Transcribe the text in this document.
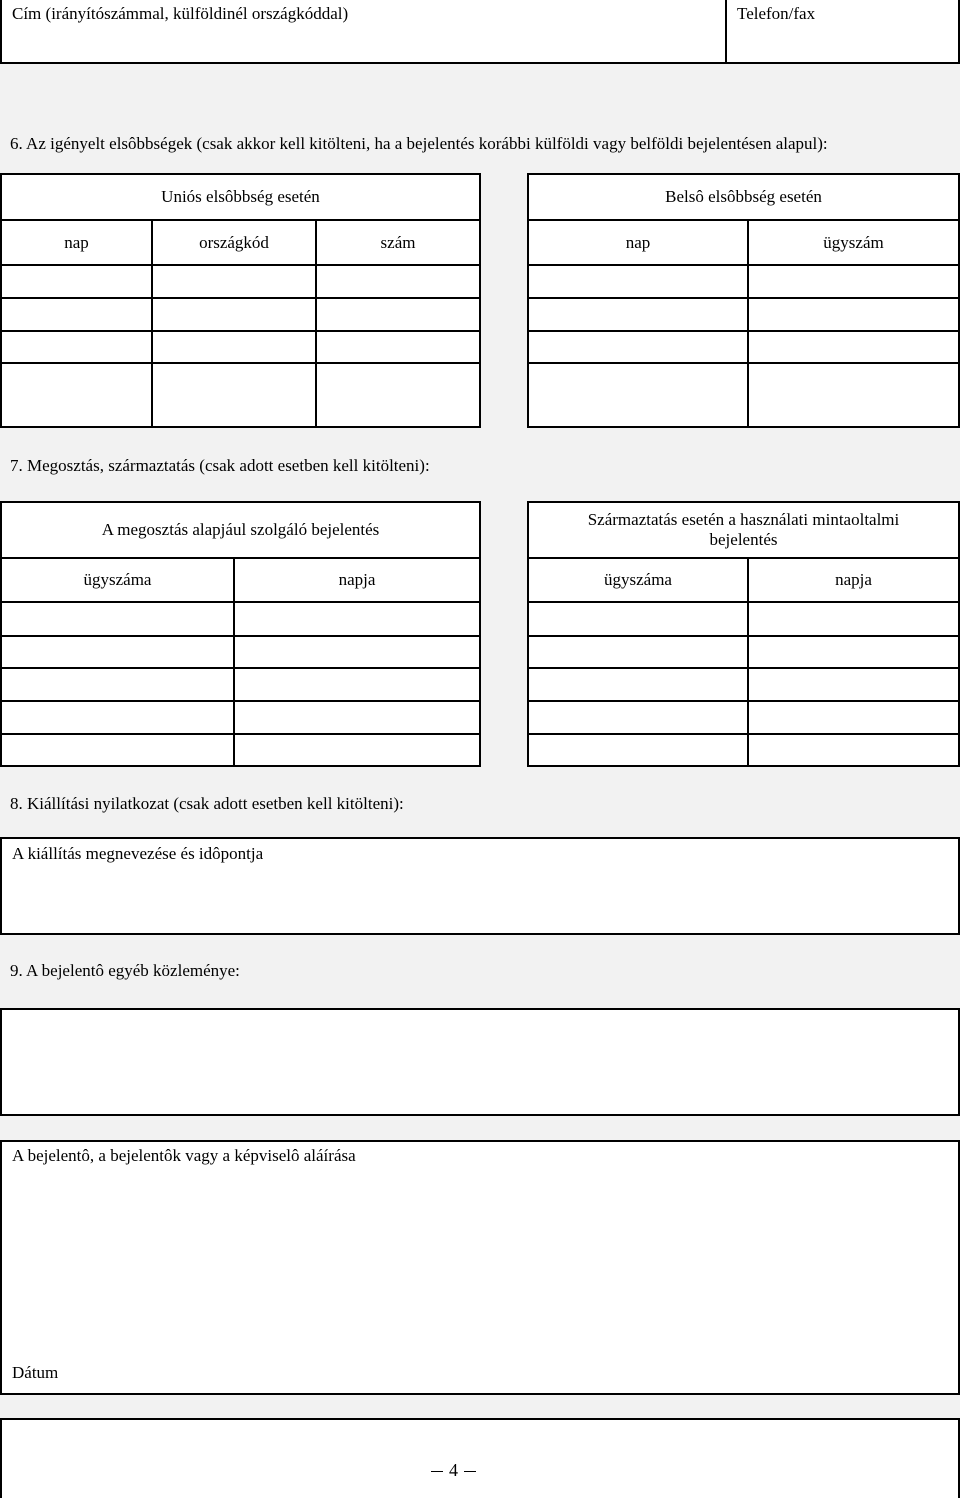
Cím (irányítószámmal, külföldinél országkóddal)	Telefon/fax
6. Az igényelt elsôbbségek (csak akkor kell kitölteni, ha a bejelentés korábbi külföldi vagy belföldi bejelentésen alapul):
Uniós elsôbbség esetén
nap	országkód	szám
Belsô elsôbbség esetén
nap	ügyszám
7. Megosztás, származtatás (csak adott esetben kell kitölteni):
A megosztás alapjául szolgáló bejelentés
ügyszáma	napja
Származtatás esetén a használati mintaoltalmi bejelentés
ügyszáma	napja
8. Kiállítási nyilatkozat (csak adott esetben kell kitölteni):
A kiállítás megnevezése és idôpontja
9. A bejelentô egyéb közleménye:
A bejelentô, a bejelentôk vagy a képviselô aláírása
Dátum
4
